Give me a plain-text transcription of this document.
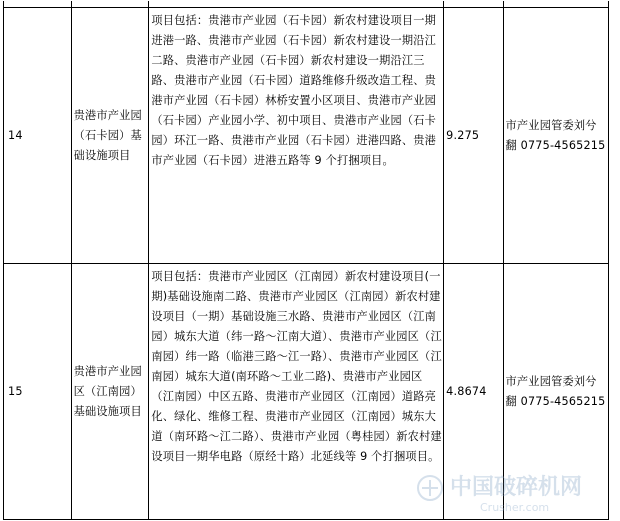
14	贵港市产业园（石卡园）基础设施项目	项目包括：贵港市产业园（石卡园）新农村建设项目一期进港一路、贵港市产业园（石卡园）新农村建设一期沿江二路、贵港市产业园（石卡园）新农村建设一期沿江三路、贵港市产业园（石卡园）道路维修升级改造工程、贵港市产业园（石卡园）林桥安置小区项目、贵港市产业园（石卡园）产业园小学、初中项目、贵港市产业园（石卡园）环江一路、贵港市产业园（石卡园）进港四路、贵港市产业园（石卡园）进港五路等 9 个打捆项目。	9.275	市产业园管委刘兮翻 0775-4565215
15	贵港市产业园区（江南园）基础设施项目	项目包括：贵港市产业园区（江南园）新农村建设项目(一期)基础设施南二路、贵港市产业园区（江南园）新农村建设项目（一期）基础设施三水路、贵港市产业园区（江南园）城东大道（纬一路～江南大道）、贵港市产业园区（江南园）纬一路（临港三路～江一路）、贵港市产业园区（江南园）城东大道(南环路～工业二路)、贵港市产业园区（江南园）中区五路、贵港市产业园区（江南园）道路亮化、绿化、维修工程、贵港市产业园区（江南园）城东大道（南环路～江二路）、贵港市产业园（粤桂园）新农村建设项目一期华电路（原经十路）北延线等 9 个打捆项目。	4.8674	市产业园管委刘兮翻 0775-4565215
中国破碎机网
Crusher.com
